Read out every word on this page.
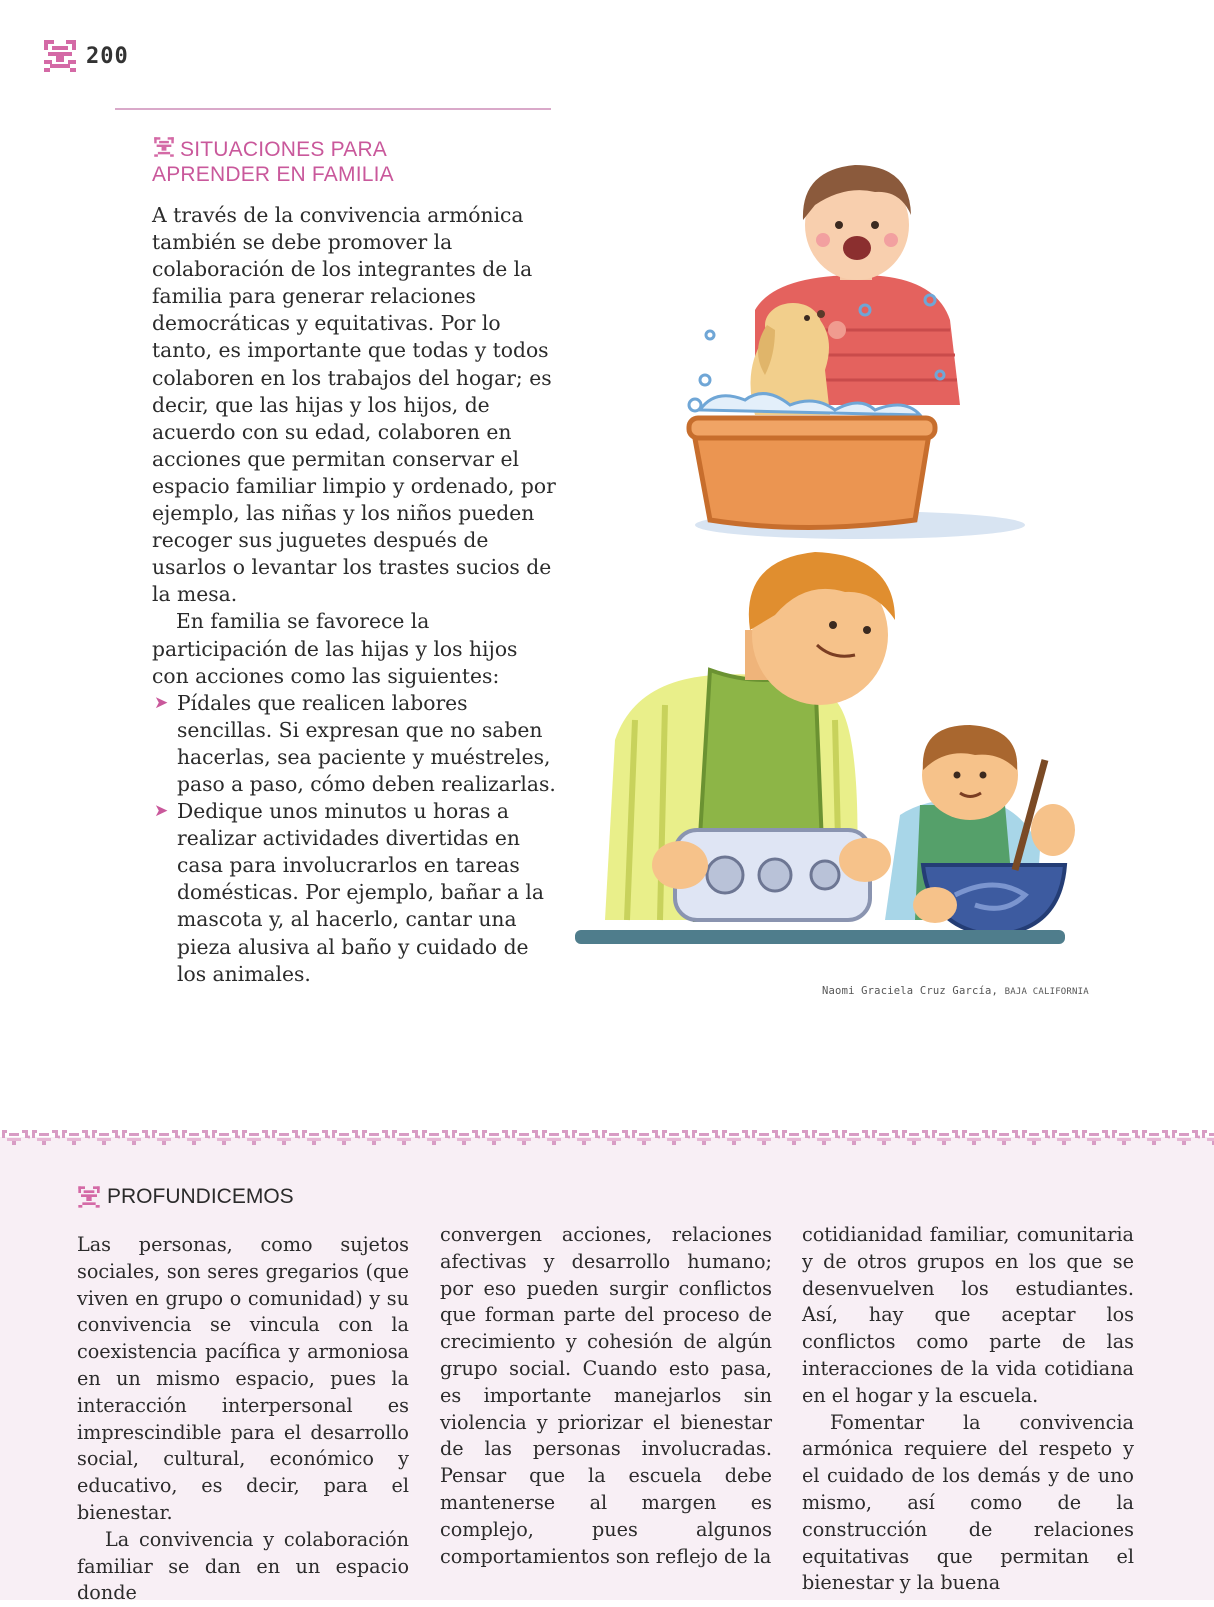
200
SITUACIONES PARA
APRENDER EN FAMILIA

A través de la convivencia armónica también se debe promover la colaboración de los integrantes de la familia para generar relaciones democráticas y equitativas. Por lo tanto, es importante que todas y todos colaboren en los trabajos del hogar; es decir, que las hijas y los hijos, de acuerdo con su edad, colaboren en acciones que permitan conservar el espacio familiar limpio y ordenado, por ejemplo, las niñas y los niños pueden recoger sus juguetes después de usarlos o levantar los trastes sucios de la mesa.

En familia se favorece la participación de las hijas y los hijos con acciones como las siguientes:

➤ Pídales que realicen labores sencillas. Si expresan que no saben hacerlas, sea paciente y muéstreles, paso a paso, cómo deben realizarlas.
➤ Dedique unos minutos u horas a realizar actividades divertidas en casa para involucrarlos en tareas domésticas. Por ejemplo, bañar a la mascota y, al hacerlo, cantar una pieza alusiva al baño y cuidado de los animales.
Naomi Graciela Cruz García, BAJA CALIFORNIA
PROFUNDICEMOS

Las personas, como sujetos sociales, son seres gregarios (que viven en grupo o comunidad) y su convivencia se vincula con la coexistencia pacífica y armoniosa en un mismo espacio, pues la interacción interpersonal es imprescindible para el desarrollo social, cultural, económico y educativo, es decir, para el bienestar.

La convivencia y colaboración familiar se dan en un espacio donde

convergen acciones, relaciones afectivas y desarrollo humano; por eso pueden surgir conflictos que forman parte del proceso de crecimiento y cohesión de algún grupo social. Cuando esto pasa, es importante manejarlos sin violencia y priorizar el bienestar de las personas involucradas. Pensar que la escuela debe mantenerse al margen es complejo, pues algunos comportamientos son reflejo de la

cotidianidad familiar, comunitaria y de otros grupos en los que se desenvuelven los estudiantes. Así, hay que aceptar los conflictos como parte de las interacciones de la vida cotidiana en el hogar y la escuela.

Fomentar la convivencia armónica requiere del respeto y el cuidado de los demás y de uno mismo, así como de la construcción de relaciones equitativas que permitan el bienestar y la buena
